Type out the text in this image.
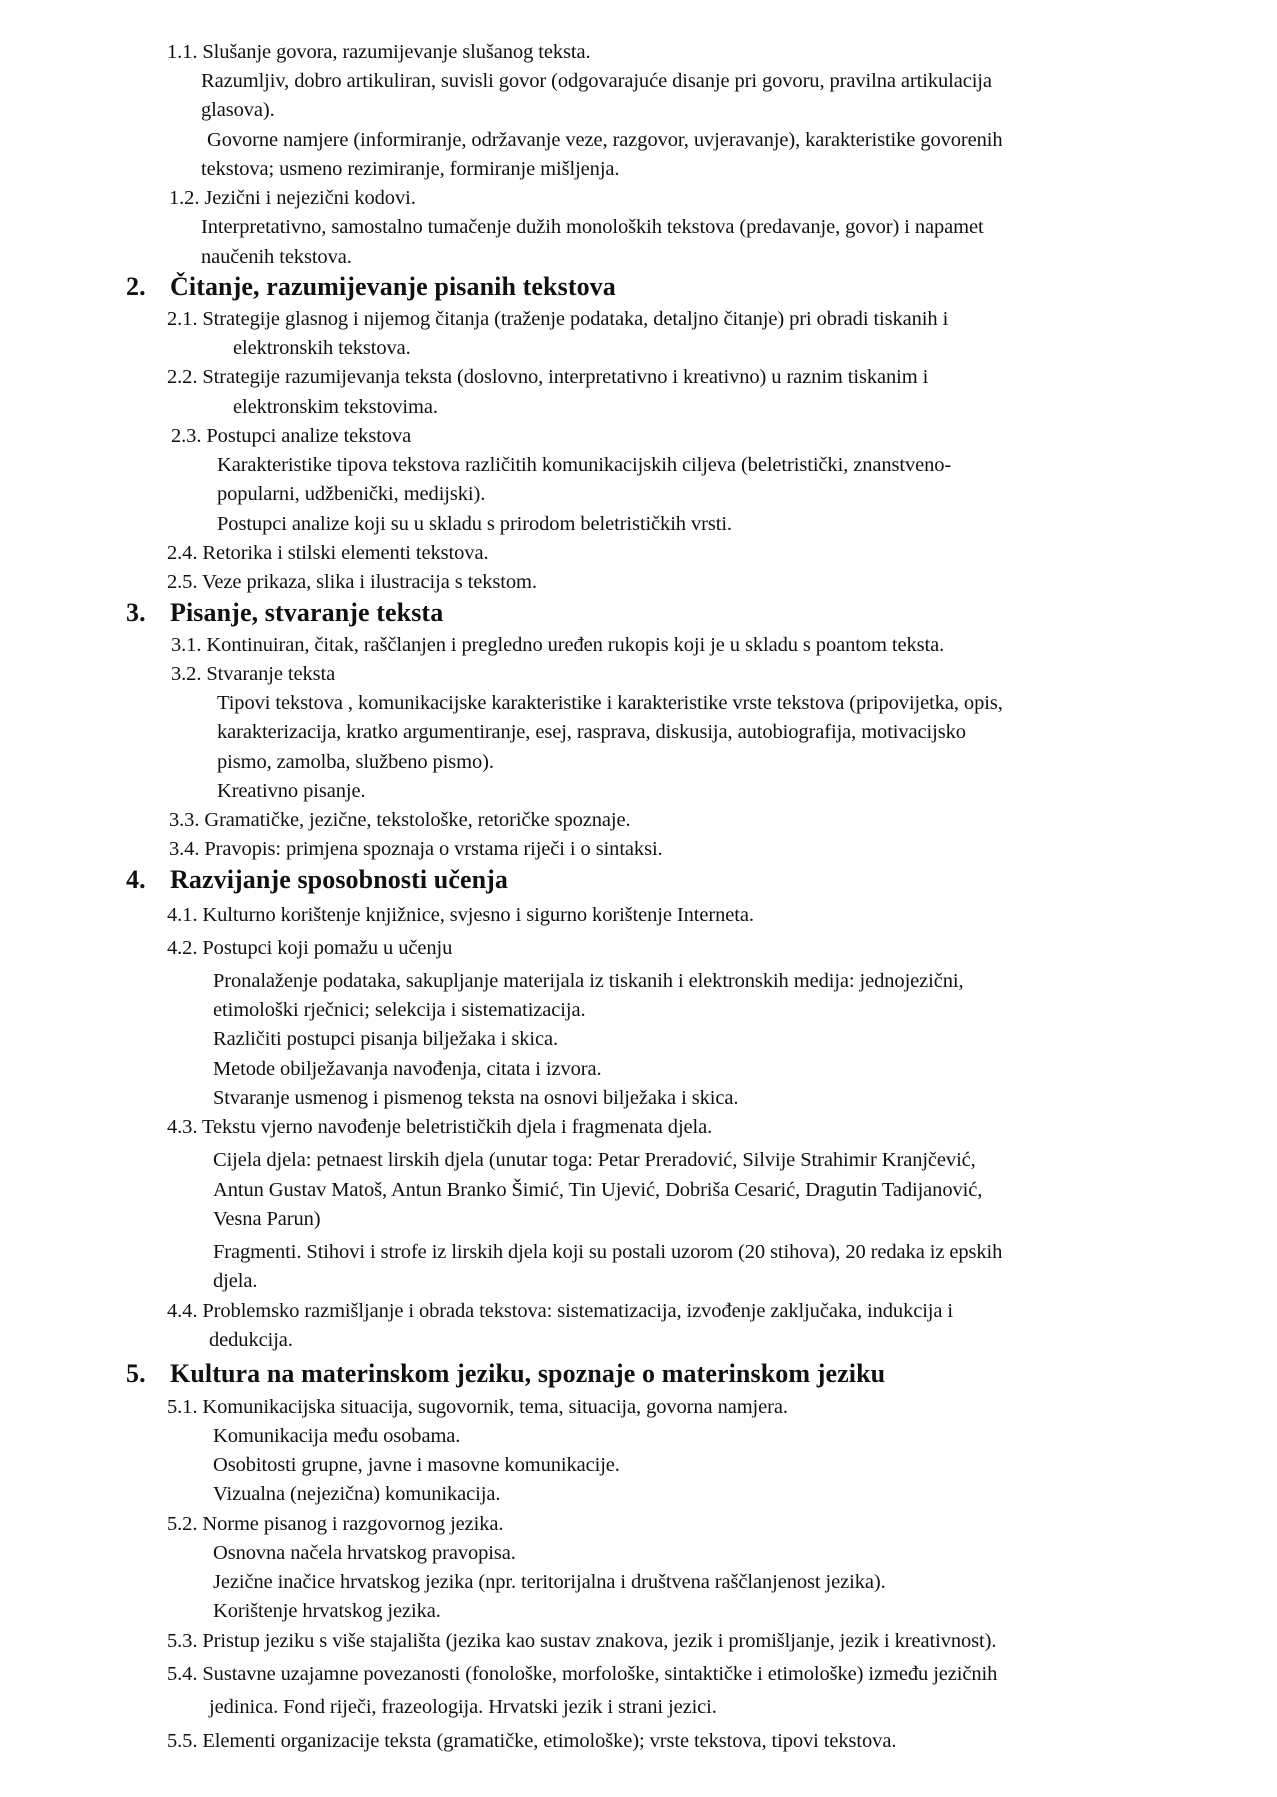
1.1. Slušanje govora, razumijevanje slušanog teksta.

Razumljiv, dobro artikuliran, suvisli govor (odgovarajuće disanje pri govoru, pravilna artikulacija

glasova).

Govorne namjere (informiranje, održavanje veze, razgovor, uvjeravanje), karakteristike govorenih

tekstova; usmeno rezimiranje, formiranje mišljenja.

1.2. Jezični i nejezični kodovi.

Interpretativno, samostalno tumačenje dužih monoloških tekstova (predavanje, govor) i napamet

naučenih tekstova.

2. Čitanje, razumijevanje pisanih tekstova

2.1. Strategije glasnog i nijemog čitanja (traženje podataka, detaljno čitanje) pri obradi tiskanih i

elektronskih tekstova.

2.2. Strategije razumijevanja teksta (doslovno, interpretativno i kreativno) u raznim tiskanim i

elektronskim tekstovima.

2.3. Postupci analize tekstova

Karakteristike tipova tekstova različitih komunikacijskih ciljeva (beletristički, znanstveno-

popularni, udžbenički, medijski).

Postupci analize koji su u skladu s prirodom beletrističkih vrsti.

2.4. Retorika i stilski elementi tekstova.

2.5. Veze prikaza, slika i ilustracija s tekstom.

3. Pisanje, stvaranje teksta

3.1. Kontinuiran, čitak, raščlanjen i pregledno uređen rukopis koji je u skladu s poantom teksta.

3.2. Stvaranje teksta

Tipovi tekstova , komunikacijske karakteristike i karakteristike vrste tekstova (pripovijetka, opis,

karakterizacija, kratko argumentiranje, esej, rasprava, diskusija, autobiografija, motivacijsko

pismo, zamolba, službeno pismo).

Kreativno pisanje.

3.3. Gramatičke, jezične, tekstološke, retoričke spoznaje.

3.4. Pravopis: primjena spoznaja o vrstama riječi i o sintaksi.

4. Razvijanje sposobnosti učenja

4.1. Kulturno korištenje knjižnice, svjesno i sigurno korištenje Interneta.

4.2. Postupci koji pomažu u učenju

Pronalaženje podataka, sakupljanje materijala iz tiskanih i elektronskih medija: jednojezični,

etimološki rječnici; selekcija i sistematizacija.

Različiti postupci pisanja bilježaka i skica.

Metode obilježavanja navođenja, citata i izvora.

Stvaranje usmenog i pismenog teksta na osnovi bilježaka i skica.

4.3. Tekstu vjerno navođenje beletrističkih djela i fragmenata djela.

Cijela djela: petnaest lirskih djela (unutar toga: Petar Preradović, Silvije Strahimir Kranjčević,

Antun Gustav Matoš, Antun Branko Šimić, Tin Ujević, Dobriša Cesarić, Dragutin Tadijanović,

Vesna Parun)

Fragmenti. Stihovi i strofe iz lirskih djela koji su postali uzorom (20 stihova), 20 redaka iz epskih

djela.

4.4. Problemsko razmišljanje i obrada tekstova: sistematizacija, izvođenje zaključaka, indukcija i

dedukcija.

5. Kultura na materinskom jeziku, spoznaje o materinskom jeziku

5.1. Komunikacijska situacija, sugovornik, tema, situacija, govorna namjera.

Komunikacija među osobama.

Osobitosti grupne, javne i masovne komunikacije.

Vizualna (nejezična) komunikacija.

5.2. Norme pisanog i razgovornog jezika.

Osnovna načela hrvatskog pravopisa.

Jezične inačice hrvatskog jezika (npr. teritorijalna i društvena raščlanjenost jezika).

Korištenje hrvatskog jezika.

5.3. Pristup jeziku s više stajališta (jezika kao sustav znakova, jezik i promišljanje, jezik i kreativnost).

5.4. Sustavne uzajamne povezanosti (fonološke, morfološke, sintaktičke i etimološke) između jezičnih

jedinica. Fond riječi, frazeologija. Hrvatski jezik i strani jezici.

5.5. Elementi organizacije teksta (gramatičke, etimološke); vrste tekstova, tipovi tekstova.
